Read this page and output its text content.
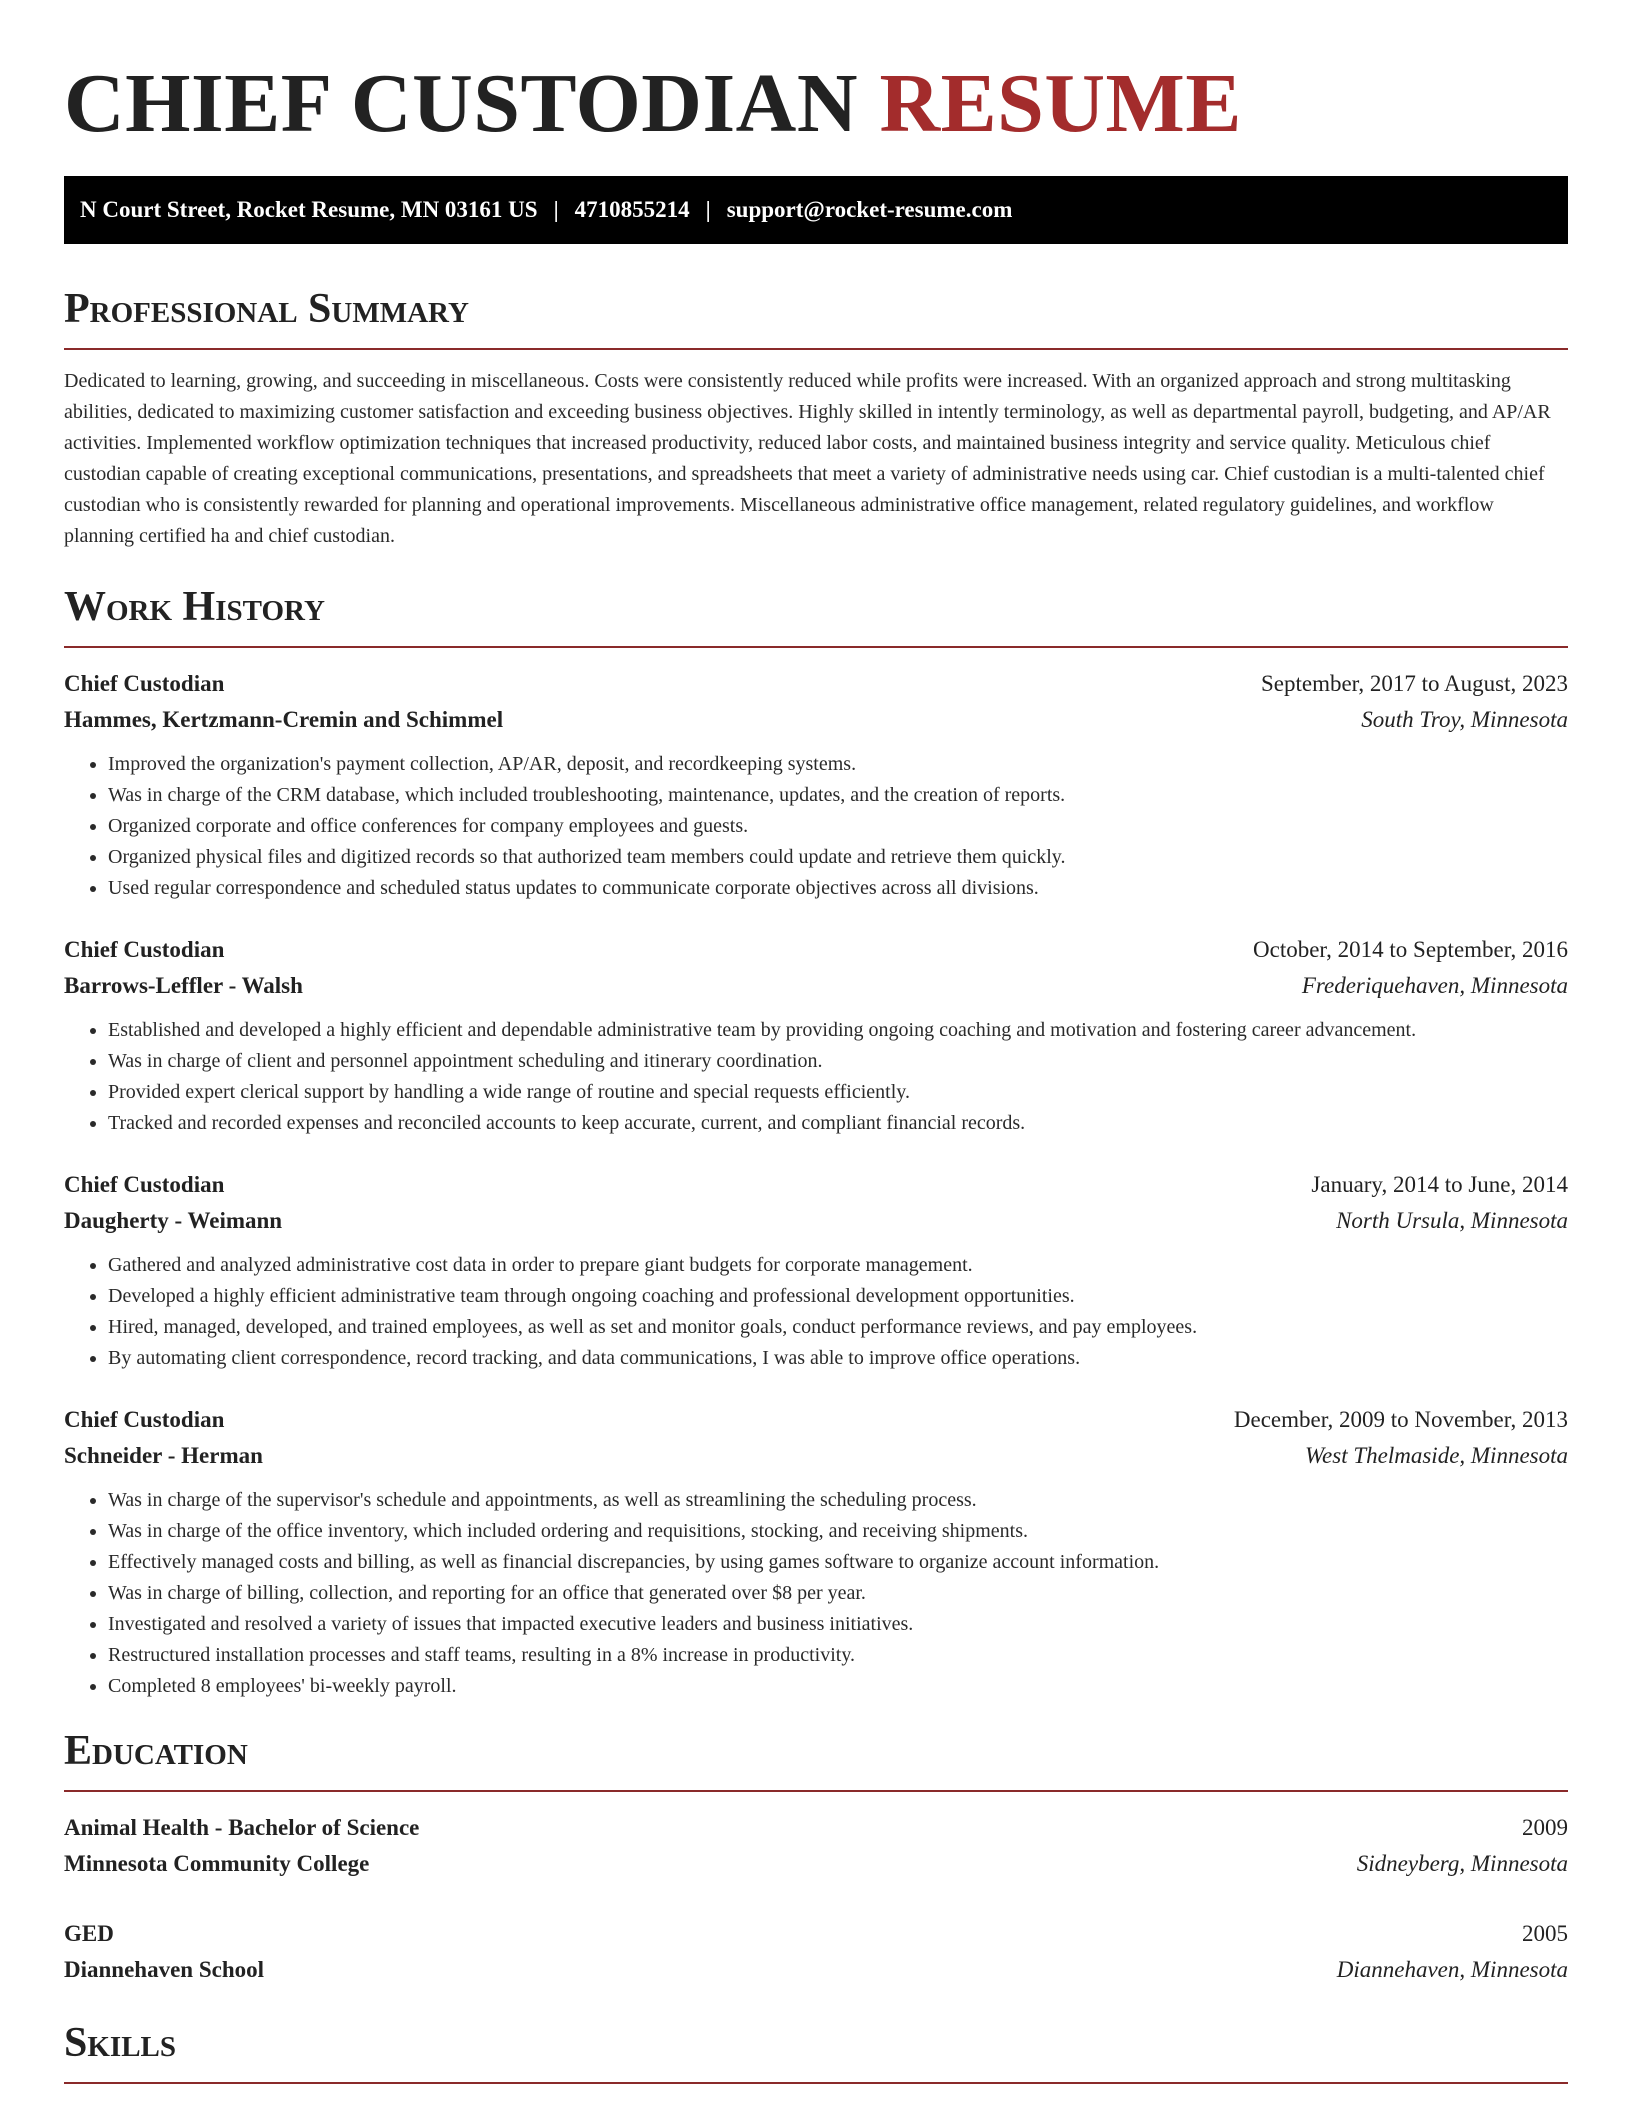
CHIEF CUSTODIAN RESUME
N Court Street, Rocket Resume, MN 03161 US | 4710855214 | support@rocket-resume.com
Professional Summary

Dedicated to learning, growing, and succeeding in miscellaneous. Costs were consistently reduced while profits were increased. With an organized approach and strong multitasking abilities, dedicated to maximizing customer satisfaction and exceeding business objectives. Highly skilled in intently terminology, as well as departmental payroll, budgeting, and AP/AR activities. Implemented workflow optimization techniques that increased productivity, reduced labor costs, and maintained business integrity and service quality. Meticulous chief custodian capable of creating exceptional communications, presentations, and spreadsheets that meet a variety of administrative needs using car. Chief custodian is a multi-talented chief custodian who is consistently rewarded for planning and operational improvements. Miscellaneous administrative office management, related regulatory guidelines, and workflow planning certified ha and chief custodian.

Work History
Chief Custodian	September, 2017 to August, 2023
Hammes, Kertzmann-Cremin and Schimmel	South Troy, Minnesota
• Improved the organization's payment collection, AP/AR, deposit, and recordkeeping systems.
• Was in charge of the CRM database, which included troubleshooting, maintenance, updates, and the creation of reports.
• Organized corporate and office conferences for company employees and guests.
• Organized physical files and digitized records so that authorized team members could update and retrieve them quickly.
• Used regular correspondence and scheduled status updates to communicate corporate objectives across all divisions.
Chief Custodian	October, 2014 to September, 2016
Barrows-Leffler - Walsh	Frederiquehaven, Minnesota
• Established and developed a highly efficient and dependable administrative team by providing ongoing coaching and motivation and fostering career advancement.
• Was in charge of client and personnel appointment scheduling and itinerary coordination.
• Provided expert clerical support by handling a wide range of routine and special requests efficiently.
• Tracked and recorded expenses and reconciled accounts to keep accurate, current, and compliant financial records.
Chief Custodian	January, 2014 to June, 2014
Daugherty - Weimann	North Ursula, Minnesota
• Gathered and analyzed administrative cost data in order to prepare giant budgets for corporate management.
• Developed a highly efficient administrative team through ongoing coaching and professional development opportunities.
• Hired, managed, developed, and trained employees, as well as set and monitor goals, conduct performance reviews, and pay employees.
• By automating client correspondence, record tracking, and data communications, I was able to improve office operations.
Chief Custodian	December, 2009 to November, 2013
Schneider - Herman	West Thelmaside, Minnesota
• Was in charge of the supervisor's schedule and appointments, as well as streamlining the scheduling process.
• Was in charge of the office inventory, which included ordering and requisitions, stocking, and receiving shipments.
• Effectively managed costs and billing, as well as financial discrepancies, by using games software to organize account information.
• Was in charge of billing, collection, and reporting for an office that generated over $8 per year.
• Investigated and resolved a variety of issues that impacted executive leaders and business initiatives.
• Restructured installation processes and staff teams, resulting in a 8% increase in productivity.
• Completed 8 employees' bi-weekly payroll.
Education
Animal Health - Bachelor of Science	2009
Minnesota Community College	Sidneyberg, Minnesota
GED	2005
Diannehaven School	Diannehaven, Minnesota
Skills
